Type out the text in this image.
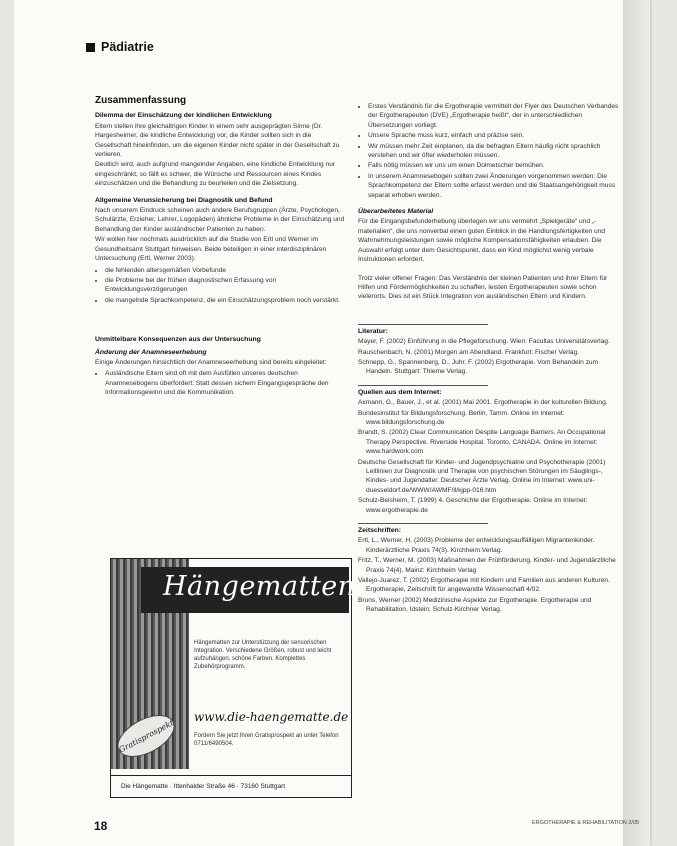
Pädiatrie
Zusammenfassung
Dilemma der Einschätzung der kindlichen Entwicklung

Eltern stellen ihre gleichaltrigen Kinder in einem sehr ausgeprägten Sinne (Dr. Hargesheimer, die kindliche Entwicklung) vor, die Kinder sollten sich in die Gesellschaft hineinfinden, um die eigenen Kinder nicht später in der Gesellschaft zu verlieren.

Deutlich wird, auch aufgrund mangelnder Angaben, eine kindliche Entwicklung nur eingeschränkt, so fällt es schwer, die Wünsche und Ressourcen eines Kindes einzuschätzen und die Behandlung zu beurteilen und die Zielsetzung.

Allgemeine Verunsicherung bei Diagnostik und Befund

Nach unserem Eindruck scheinen auch andere Berufsgruppen (Ärzte, Psychologen, Schulärzte, Erzieher, Lehrer, Logopäden) ähnliche Probleme in der Einschätzung und Behandlung der Kinder ausländischer Patienten zu haben.

Wir wollen hier nochmals ausdrücklich auf die Studie von Ertl und Werner im Gesundheitsamt Stuttgart hinweisen. Beide beteiligen in einer interdisziplinären Untersuchung (Ertl, Werner 2003):

• die fehlenden altersgemäßen Vorbefunde
• die Probleme bei der frühen diagnostischen Erfassung von Entwicklungsverzögerungen
• die mangelnde Sprachkompetenz, die ein Einschätzungsproblem noch verstärkt.
Unmittelbare Konsequenzen aus der Untersuchung
Änderung der Anamneseerhebung

Einige Änderungen hinsichtlich der Anamneseerhebung sind bereits eingeleitet:

• Ausländische Eltern sind oft mit dem Ausfüllen unseres deutschen Anamnesebogens überfordert. Statt dessen sichern Eingangsgespräche den Informationsgewinn und die Kommunikation.
• Erstes Verständnis für die Ergotherapie vermittelt der Flyer des Deutschen Verbandes der Ergotherapeuten (DVE) „Ergotherapie heißt“, der in unterschiedlichen Übersetzungen vorliegt.
• Unsere Sprache muss kurz, einfach und präzise sein.
• Wir müssen mehr Zeit einplanen, da die befragten Eltern häufig nicht sprachlich verstehen und wir öfter wiederholen müssen.
• Falls nötig müssen wir uns um einen Dolmetscher bemühen.
• In unserem Anamnesebogen sollten zwei Änderungen vorgenommen werden: Die Sprachkompetenz der Eltern sollte erfasst werden und die Staatsangehörigkeit muss separat erhoben werden.
Überarbeitetes Material

Für die Eingangsbefunderhebung überlegen wir uns vermehrt „Spielgeräte“ und „-materialien“, die uns nonverbal einen guten Einblick in die Handlungsfertigkeiten und Wahrnehmungsleistungen sowie mögliche Kompensationsfähigkeiten erlauben. Die Auswahl erfolgt unter dem Gesichtspunkt, dass ein Kind möglichst wenig verbale Instruktionen erfordert.

Trotz vieler offener Fragen: Das Verständnis der kleinen Patienten und ihrer Eltern für Hilfen und Fördermöglichkeiten zu schaffen, leisten Ergotherapeuten sowie schon vielerorts. Dies ist ein Stück Integration von ausländischen Eltern und Kindern.

Literatur:

Mayer, F. (2002) Einführung in die Pflegeforschung. Wien: Facultas Universitätsverlag.

Rauschenbach, N. (2001) Morgen am Abendland. Frankfurt: Fischer Verlag.

Schnepp, G., Spannenberg, D., Juhr, F. (2002) Ergotherapie. Vom Behandeln zum Handeln. Stuttgart: Thieme Verlag.

Quellen aus dem Internet:

Axmann, G., Bauer, J., et al. (2001) Mai 2001. Ergotherapie in der kulturellen Bildung.

Bundesinstitut für Bildungsforschung. Berlin, Tamm. Online im Internet: www.bildungsforschung.de

Brandt, S. (2002) Clear Communication Despite Language Barriers. An Occupational Therapy Perspective. Riverside Hospital. Toronto, CANADA. Online im Internet: www.hardwork.com

Deutsche Gesellschaft für Kinder- und Jugendpsychiatrie und Psychotherapie (2001) Leitlinien zur Diagnostik und Therapie von psychischen Störungen im Säuglings-, Kindes- und Jugendalter. Deutscher Ärzte Verlag. Online im Internet: www.uni-duesseldorf.de/WWW/AWMF/ll/kjpp-016.htm

Schulz-Beisheim, T. (1999) 4. Geschichte der Ergotherapie. Online im Internet: www.ergotherapie.de

Zeitschriften:

Ertl, L., Werner, H. (2003) Probleme der entwicklungsauffälligen Migrantenkinder. Kinderärztliche Praxis 74(3). Kirchheim Verlag.

Fritz, T., Werner, M. (2003) Maßnahmen der Frühförderung. Kinder- und Jugendärztliche Praxis 74(4). Mainz: Kirchheim Verlag

Vallejo-Juarez, T. (2002) Ergotherapie mit Kindern und Familien aus anderen Kulturen. Ergotherapie, Zeitschrift für angewandte Wissenschaft 4/02.

Bruns, Werner (2002) Medizinische Aspekte zur Ergotherapie. Ergotherapie und Rehabilitation, Idstein: Schulz-Kirchner Verlag.

Hängematten
Hängematten zur Unterstützung der sensorischen Integration. Verschiedene Größen, robust und leicht aufzuhängen, schöne Farben. Komplettes Zubehörprogramm.
www.die-haengematte.de
Fordern Sie jetzt Ihren Gratisprospekt an unter Telefon 0711/6490504.
Gratisprospekt
Die Hängematte · Ittenhalder Straße 46 · 73160 Stuttgart
18	ERGOTHERAPIE & REHABILITATION 2/05
